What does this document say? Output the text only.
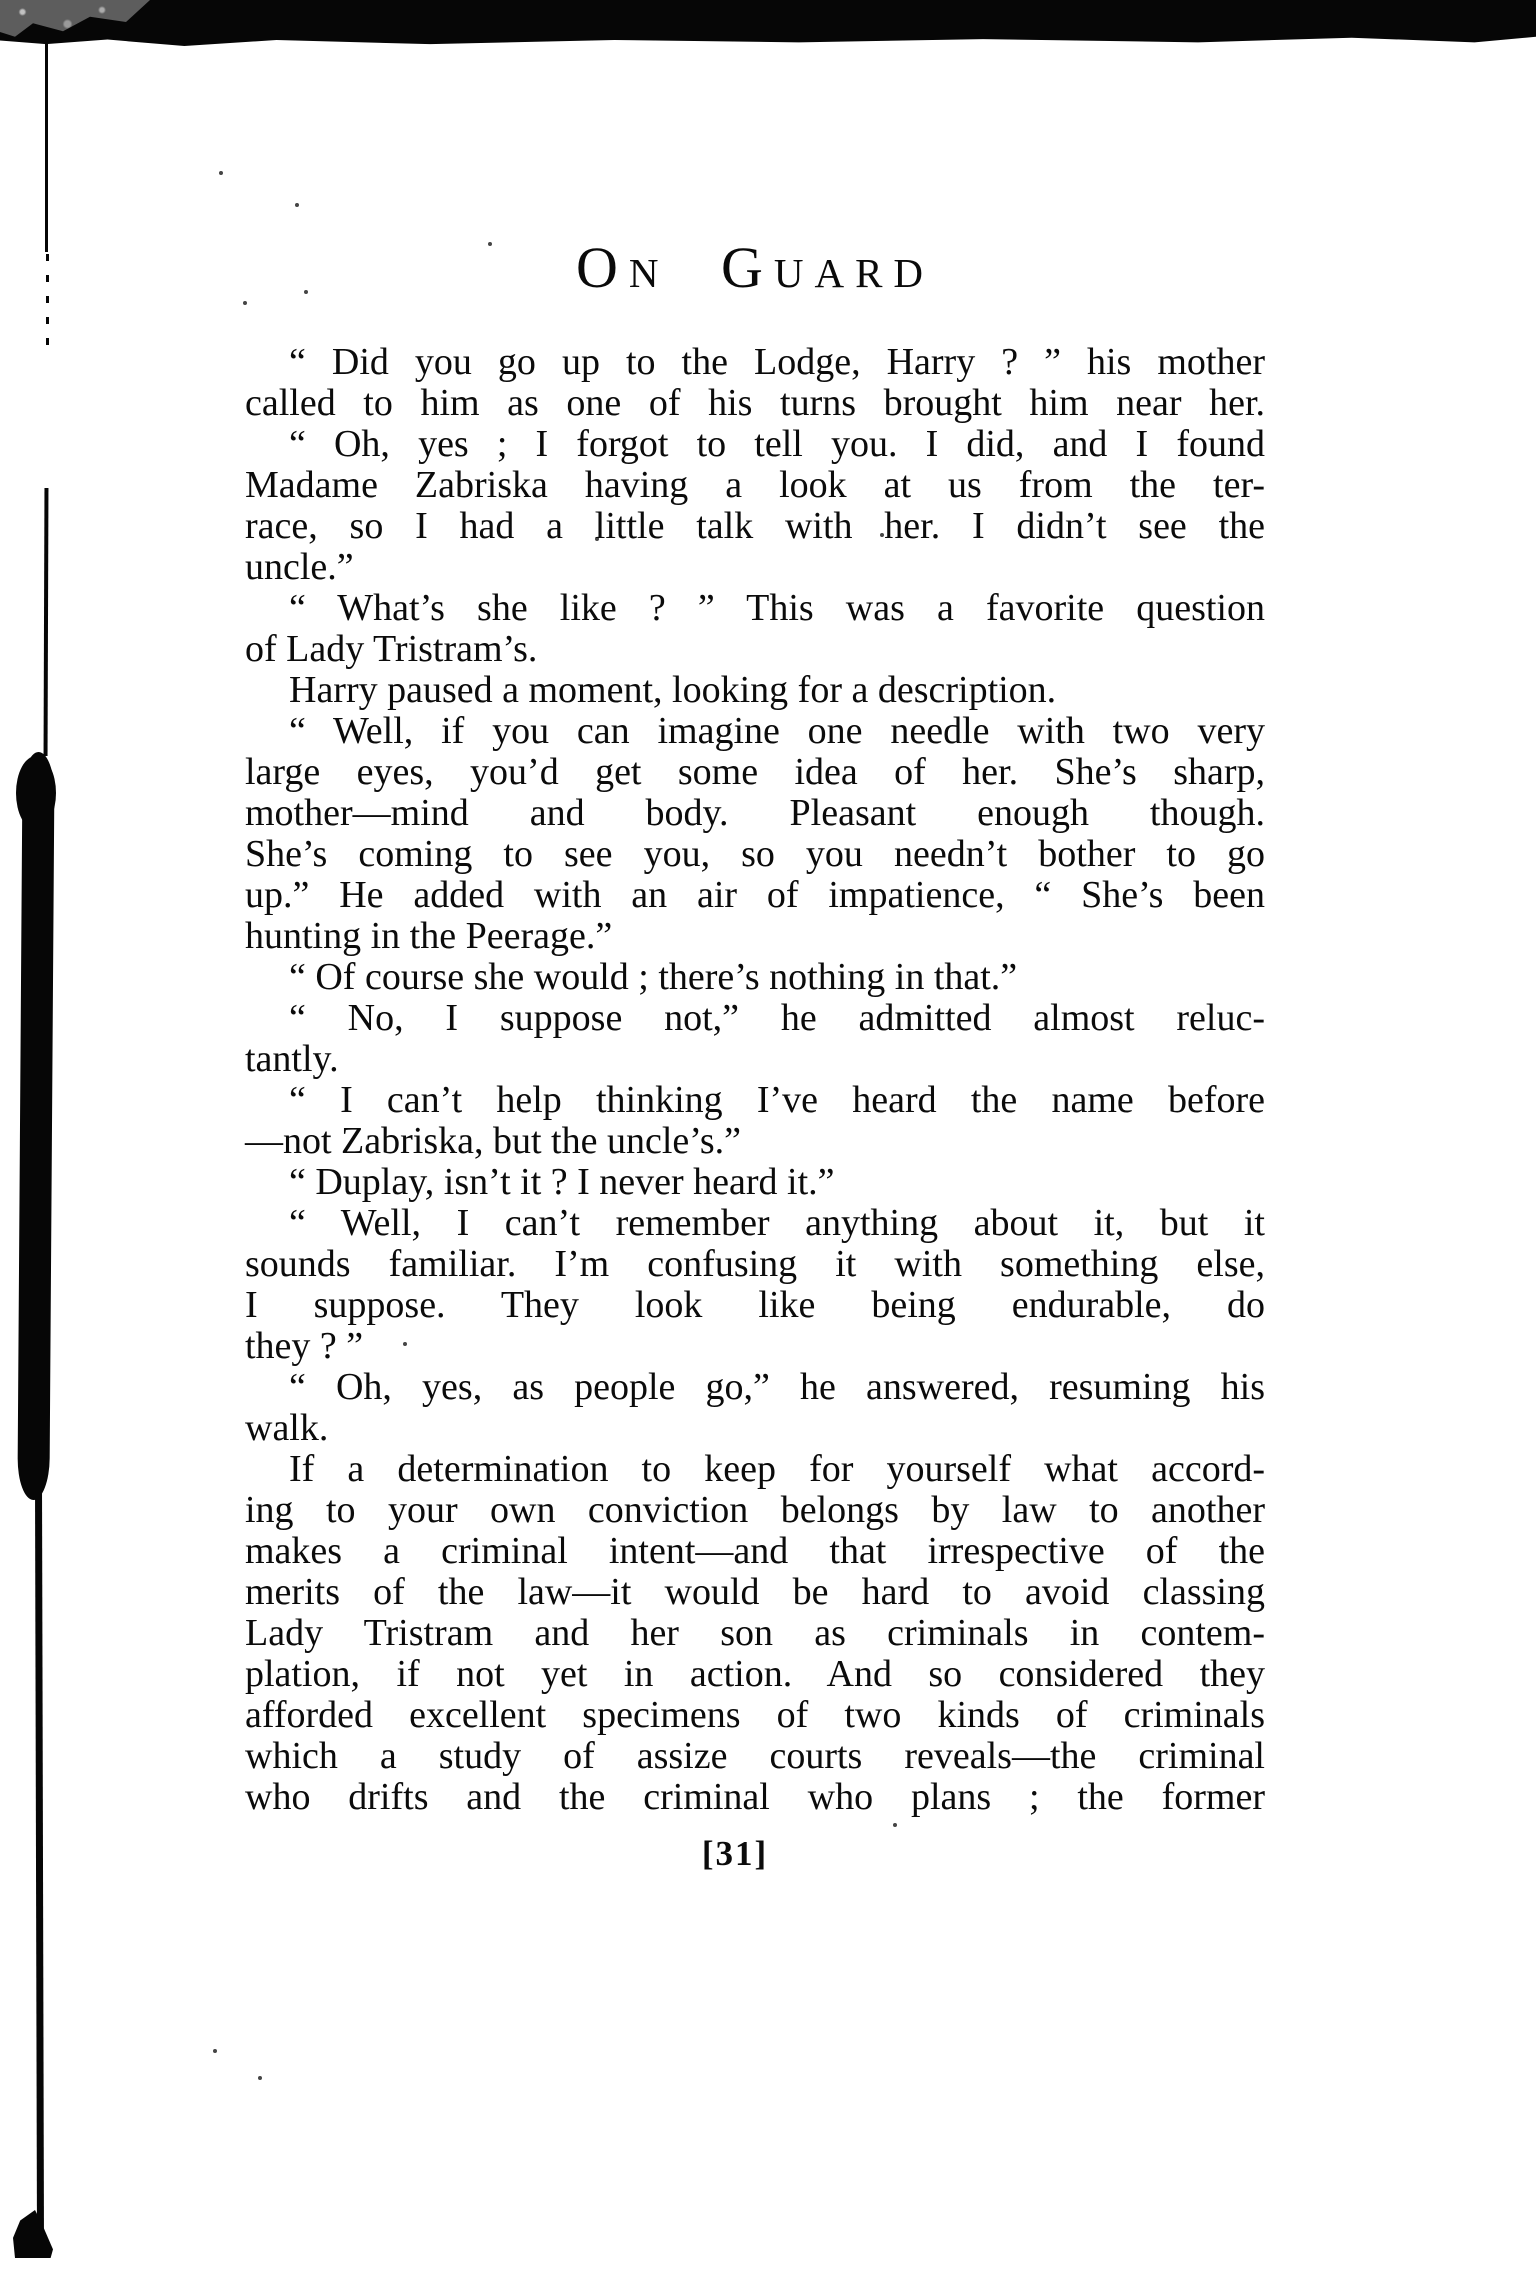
On Guard
“ Did you go up to the Lodge, Harry ? ” his mother
called to him as one of his turns brought him near her.
“ Oh, yes ; I forgot to tell you. I did, and I found
Madame Zabriska having a look at us from the ter-
race, so I had a little talk with her. I didn’t see the
uncle.”
“ What’s she like ? ” This was a favorite question
of Lady Tristram’s.
Harry paused a moment, looking for a description.
“ Well, if you can imagine one needle with two very
large eyes, you’d get some idea of her. She’s sharp,
mother—mind and body. Pleasant enough though.
She’s coming to see you, so you needn’t bother to go
up.” He added with an air of impatience, “ She’s been
hunting in the Peerage.”
“ Of course she would ; there’s nothing in that.”
“ No, I suppose not,” he admitted almost reluc-
tantly.
“ I can’t help thinking I’ve heard the name before
—not Zabriska, but the uncle’s.”
“ Duplay, isn’t it ? I never heard it.”
“ Well, I can’t remember anything about it, but it
sounds familiar. I’m confusing it with something else,
I suppose. They look like being endurable, do
they ? ”
“ Oh, yes, as people go,” he answered, resuming his
walk.
If a determination to keep for yourself what accord-
ing to your own conviction belongs by law to another
makes a criminal intent—and that irrespective of the
merits of the law—it would be hard to avoid classing
Lady Tristram and her son as criminals in contem-
plation, if not yet in action. And so considered they
afforded excellent specimens of two kinds of criminals
which a study of assize courts reveals—the criminal
who drifts and the criminal who plans ; the former
[31]
